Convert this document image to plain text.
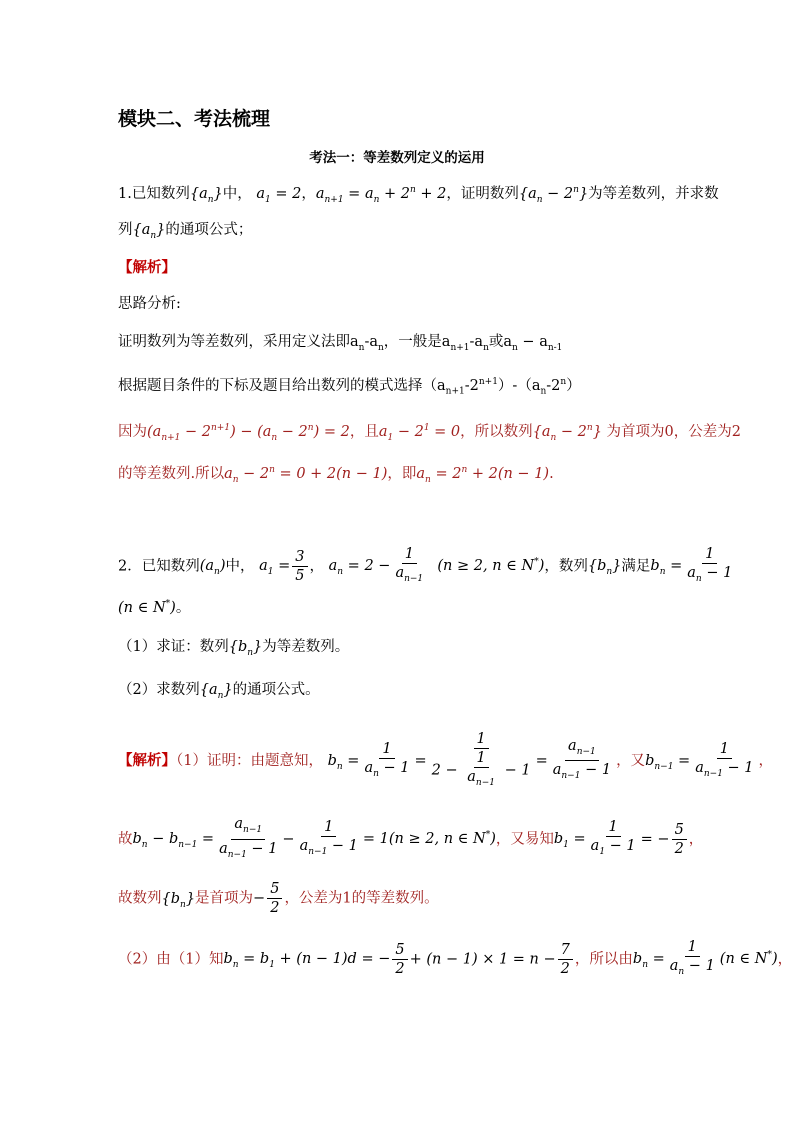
模块二、考法梳理
考法一：等差数列定义的运用
1.已知数列$\{a_n\}$中， $a_1 = 2$，$a_{n+1} = a_n + 2^n + 2$，证明数列$\{a_n - 2^n\}$为等差数列，并求数
列$\{a_n\}$的通项公式；
【解析】
思路分析:
证明数列为等差数列，采用定义法即$a_n-a_n$，一般是$a_{n+1}-a_n$或$a_n - a_{n-1}$
根据题目条件的下标及题目给出数列的模式选择$(a_{n+1}-2^{n+1})-(a_n-2^n)$
因为$(a_{n+1} - 2^{n+1}) - (a_n - 2^n) = 2$，且$a_1 - 2^1 = 0$，所以数列$\{a_n - 2^n\}$ 为首项为0，公差为2
的等差数列.所以$a_n - 2^n = 0 + 2(n - 1)$，即$a_n = 2^n + 2(n - 1)$.
2．已知数列$(a_n)$中， $a_1 = \frac{3}{5}$ ， $a_n = 2 - \frac{1}{a_{n-1}} (n \ge 2$, n ∈ N*)，数列$\{b_n\}$满足$b_n = \frac{1}{a_n - 1}$
(n ∈ N*)。
（1）求证：数列$\{b_n\}$为等差数列。
（2）求数列$\{a_n\}$的通项公式。
【解析】（1）证明：由题意知， $b_n = \frac{1}{a_n - 1} = \frac{1}{2 - \frac{1}{a_{n-1}} - 1} = \frac{a_{n-1}}{a_{n-1} - 1}$ ，又$b_{n-1} = \frac{1}{a_{n-1} - 1}$ ，
故$b_n - b_{n-1} = \frac{a_{n-1}}{a_{n-1} - 1} - \frac{1}{a_{n-1} - 1} = 1(n \ge 2$, n ∈ N*)，又易知$b_1 = \frac{1}{a_1 - 1}$ = − $\frac{5}{2}$ ，
故数列$\{b_n\}$是首项为− $\frac{5}{2}$ ，公差为1的等差数列。
（2）由（1）知$b_n = b_1 + (n - 1)d$ = − $\frac{5}{2} + (n - 1) \times 1 = n - \frac{7}{2}$ ，所以由$b_n = \frac{1}{a_n - 1} (n$ ∈ N*)，
